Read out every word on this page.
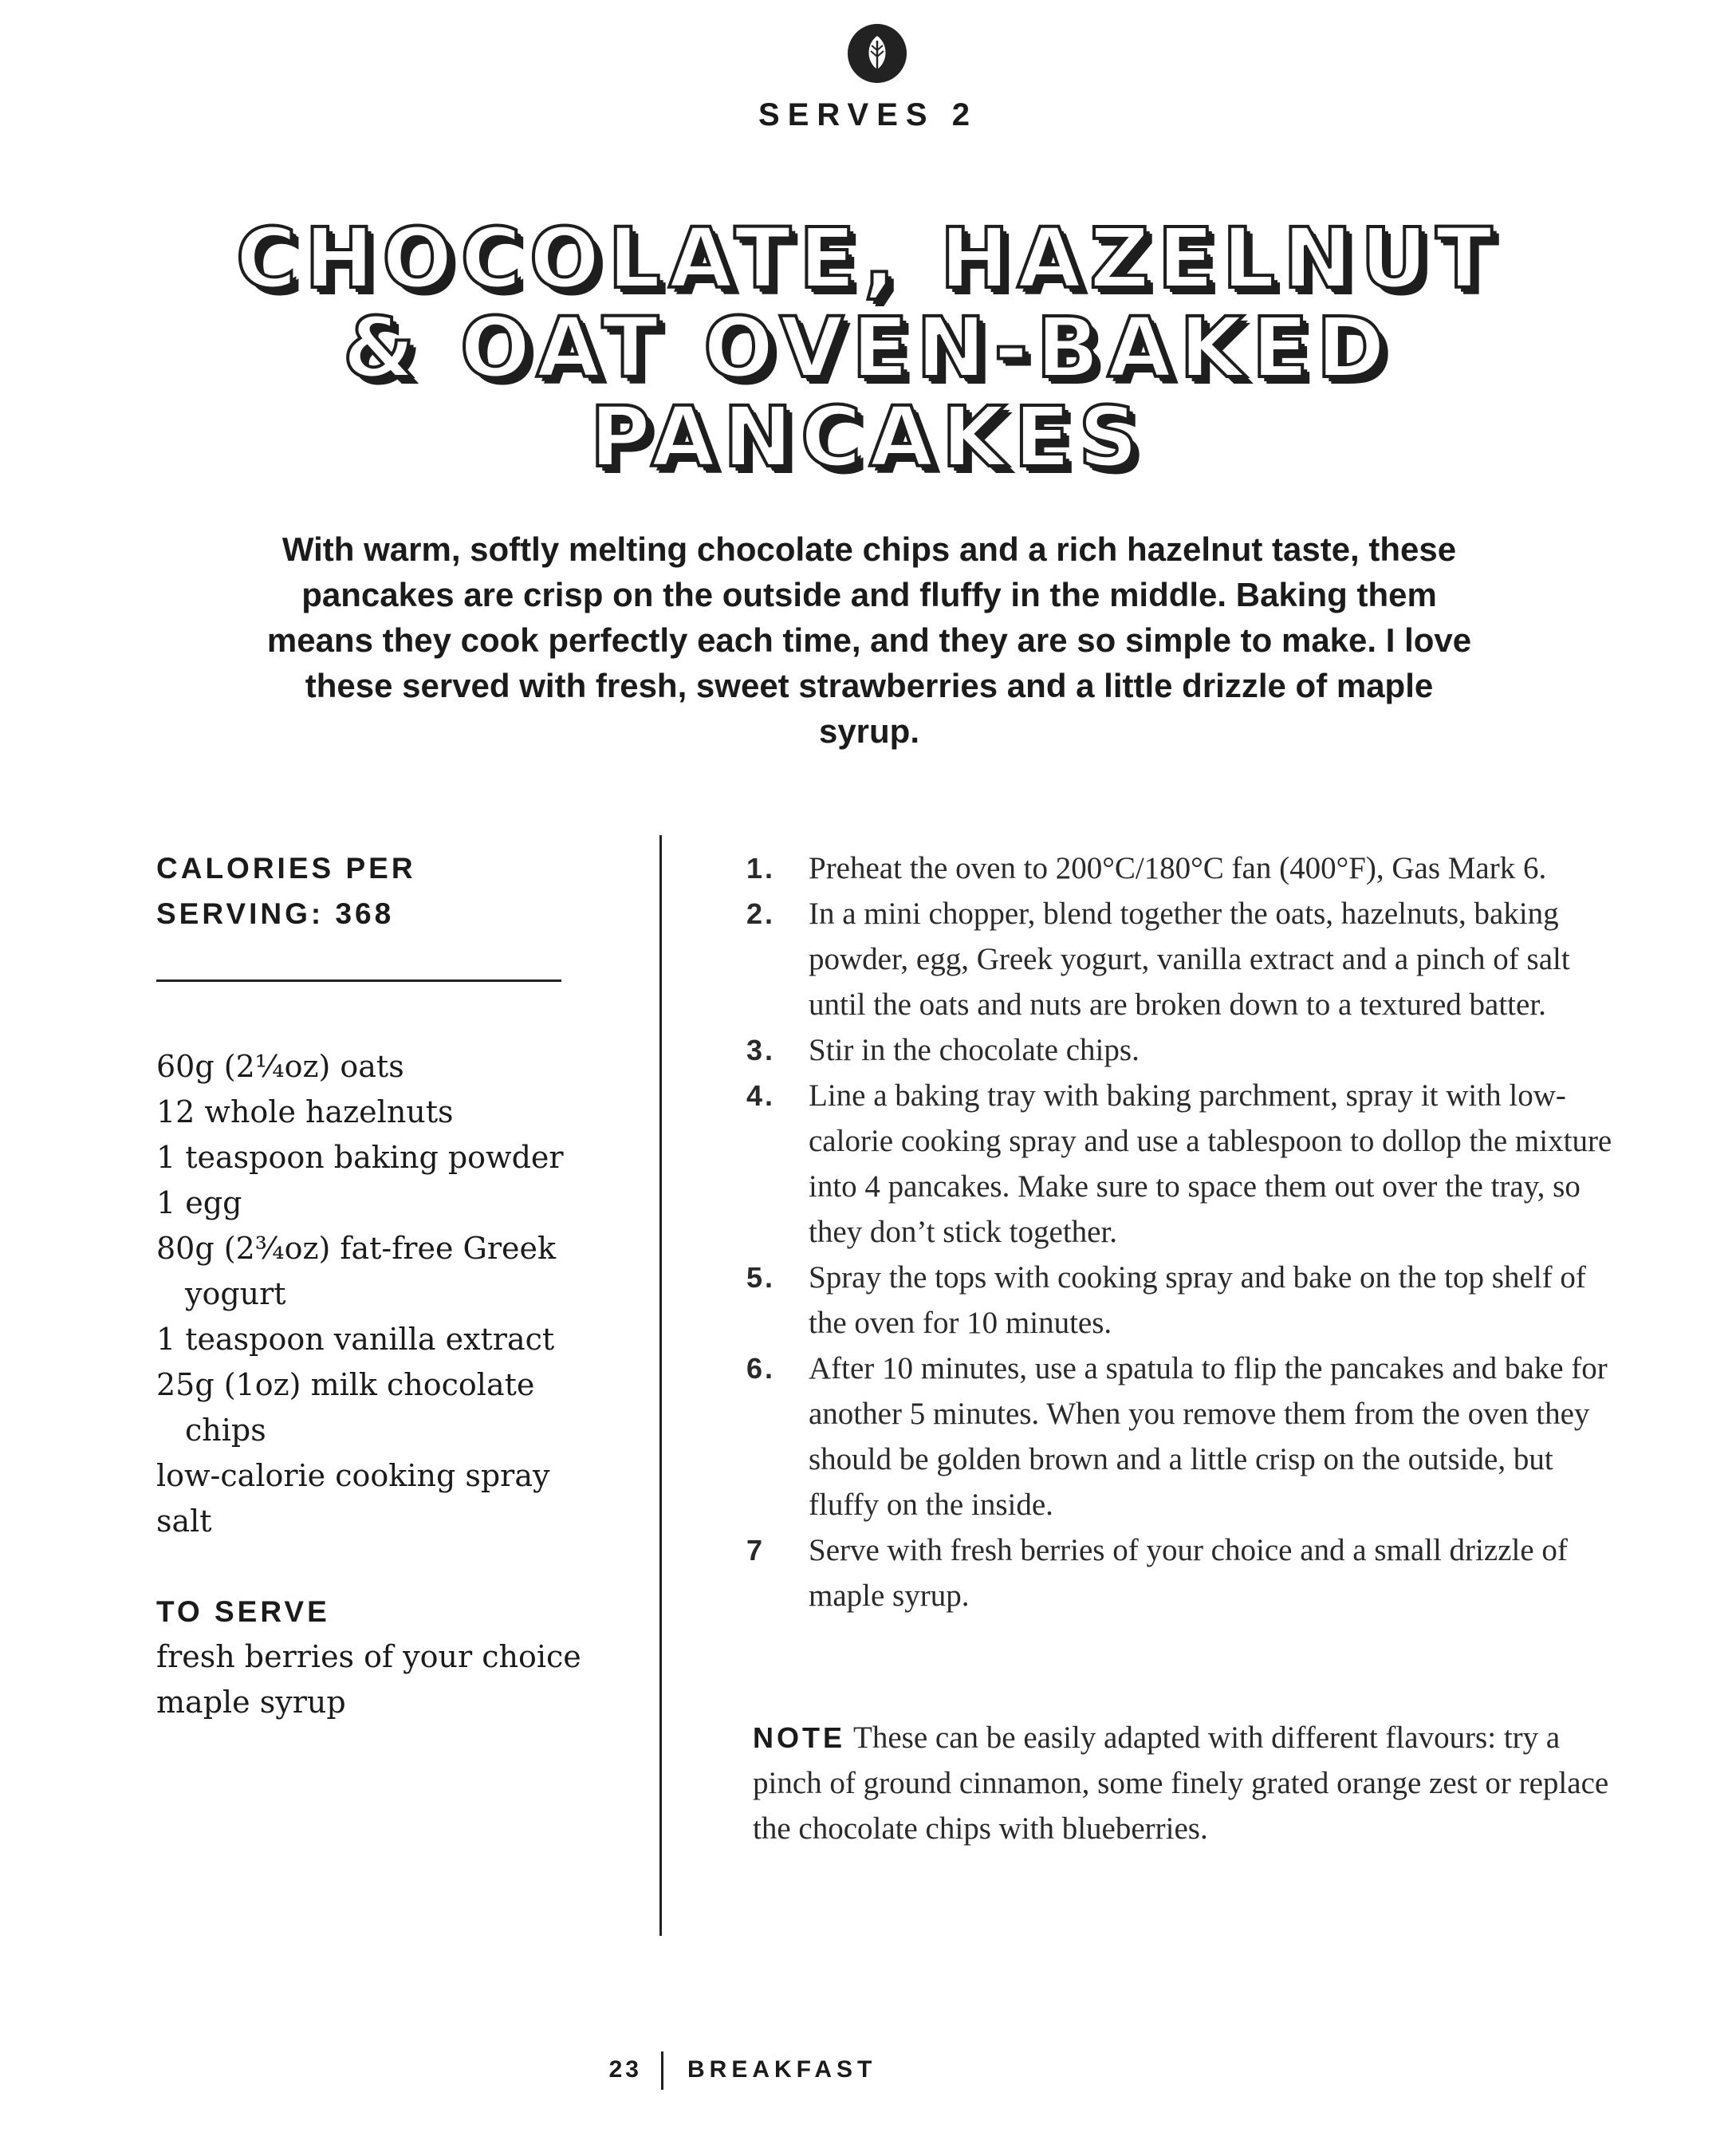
SERVES 2
CHOCOLATE, HAZELNUT
& OAT OVEN-BAKED
PANCAKES

With warm, softly melting chocolate chips and a rich hazelnut taste, these pancakes are crisp on the outside and fluffy in the middle. Baking them means they cook perfectly each time, and they are so simple to make. I love these served with fresh, sweet strawberries and a little drizzle of maple syrup.

CALORIES PER
SERVING: 368
60g (2¼oz) oats
12 whole hazelnuts
1 teaspoon baking powder
1 egg
80g (2¾oz) fat-free Greek yogurt
1 teaspoon vanilla extract
25g (1oz) milk chocolate chips
low-calorie cooking spray
salt
TO SERVE
fresh berries of your choice
maple syrup
1. Preheat the oven to 200°C/180°C fan (400°F), Gas Mark 6.
2. In a mini chopper, blend together the oats, hazelnuts, baking powder, egg, Greek yogurt, vanilla extract and a pinch of salt until the oats and nuts are broken down to a textured batter.
3. Stir in the chocolate chips.
4. Line a baking tray with baking parchment, spray it with low-calorie cooking spray and use a tablespoon to dollop the mixture into 4 pancakes. Make sure to space them out over the tray, so they don’t stick together.
5. Spray the tops with cooking spray and bake on the top shelf of the oven for 10 minutes.
6. After 10 minutes, use a spatula to flip the pancakes and bake for another 5 minutes. When you remove them from the oven they should be golden brown and a little crisp on the outside, but fluffy on the inside.
7 Serve with fresh berries of your choice and a small drizzle of maple syrup.

NOTE These can be easily adapted with different flavours: try a pinch of ground cinnamon, some finely grated orange zest or replace the chocolate chips with blueberries.

23 BREAKFAST
